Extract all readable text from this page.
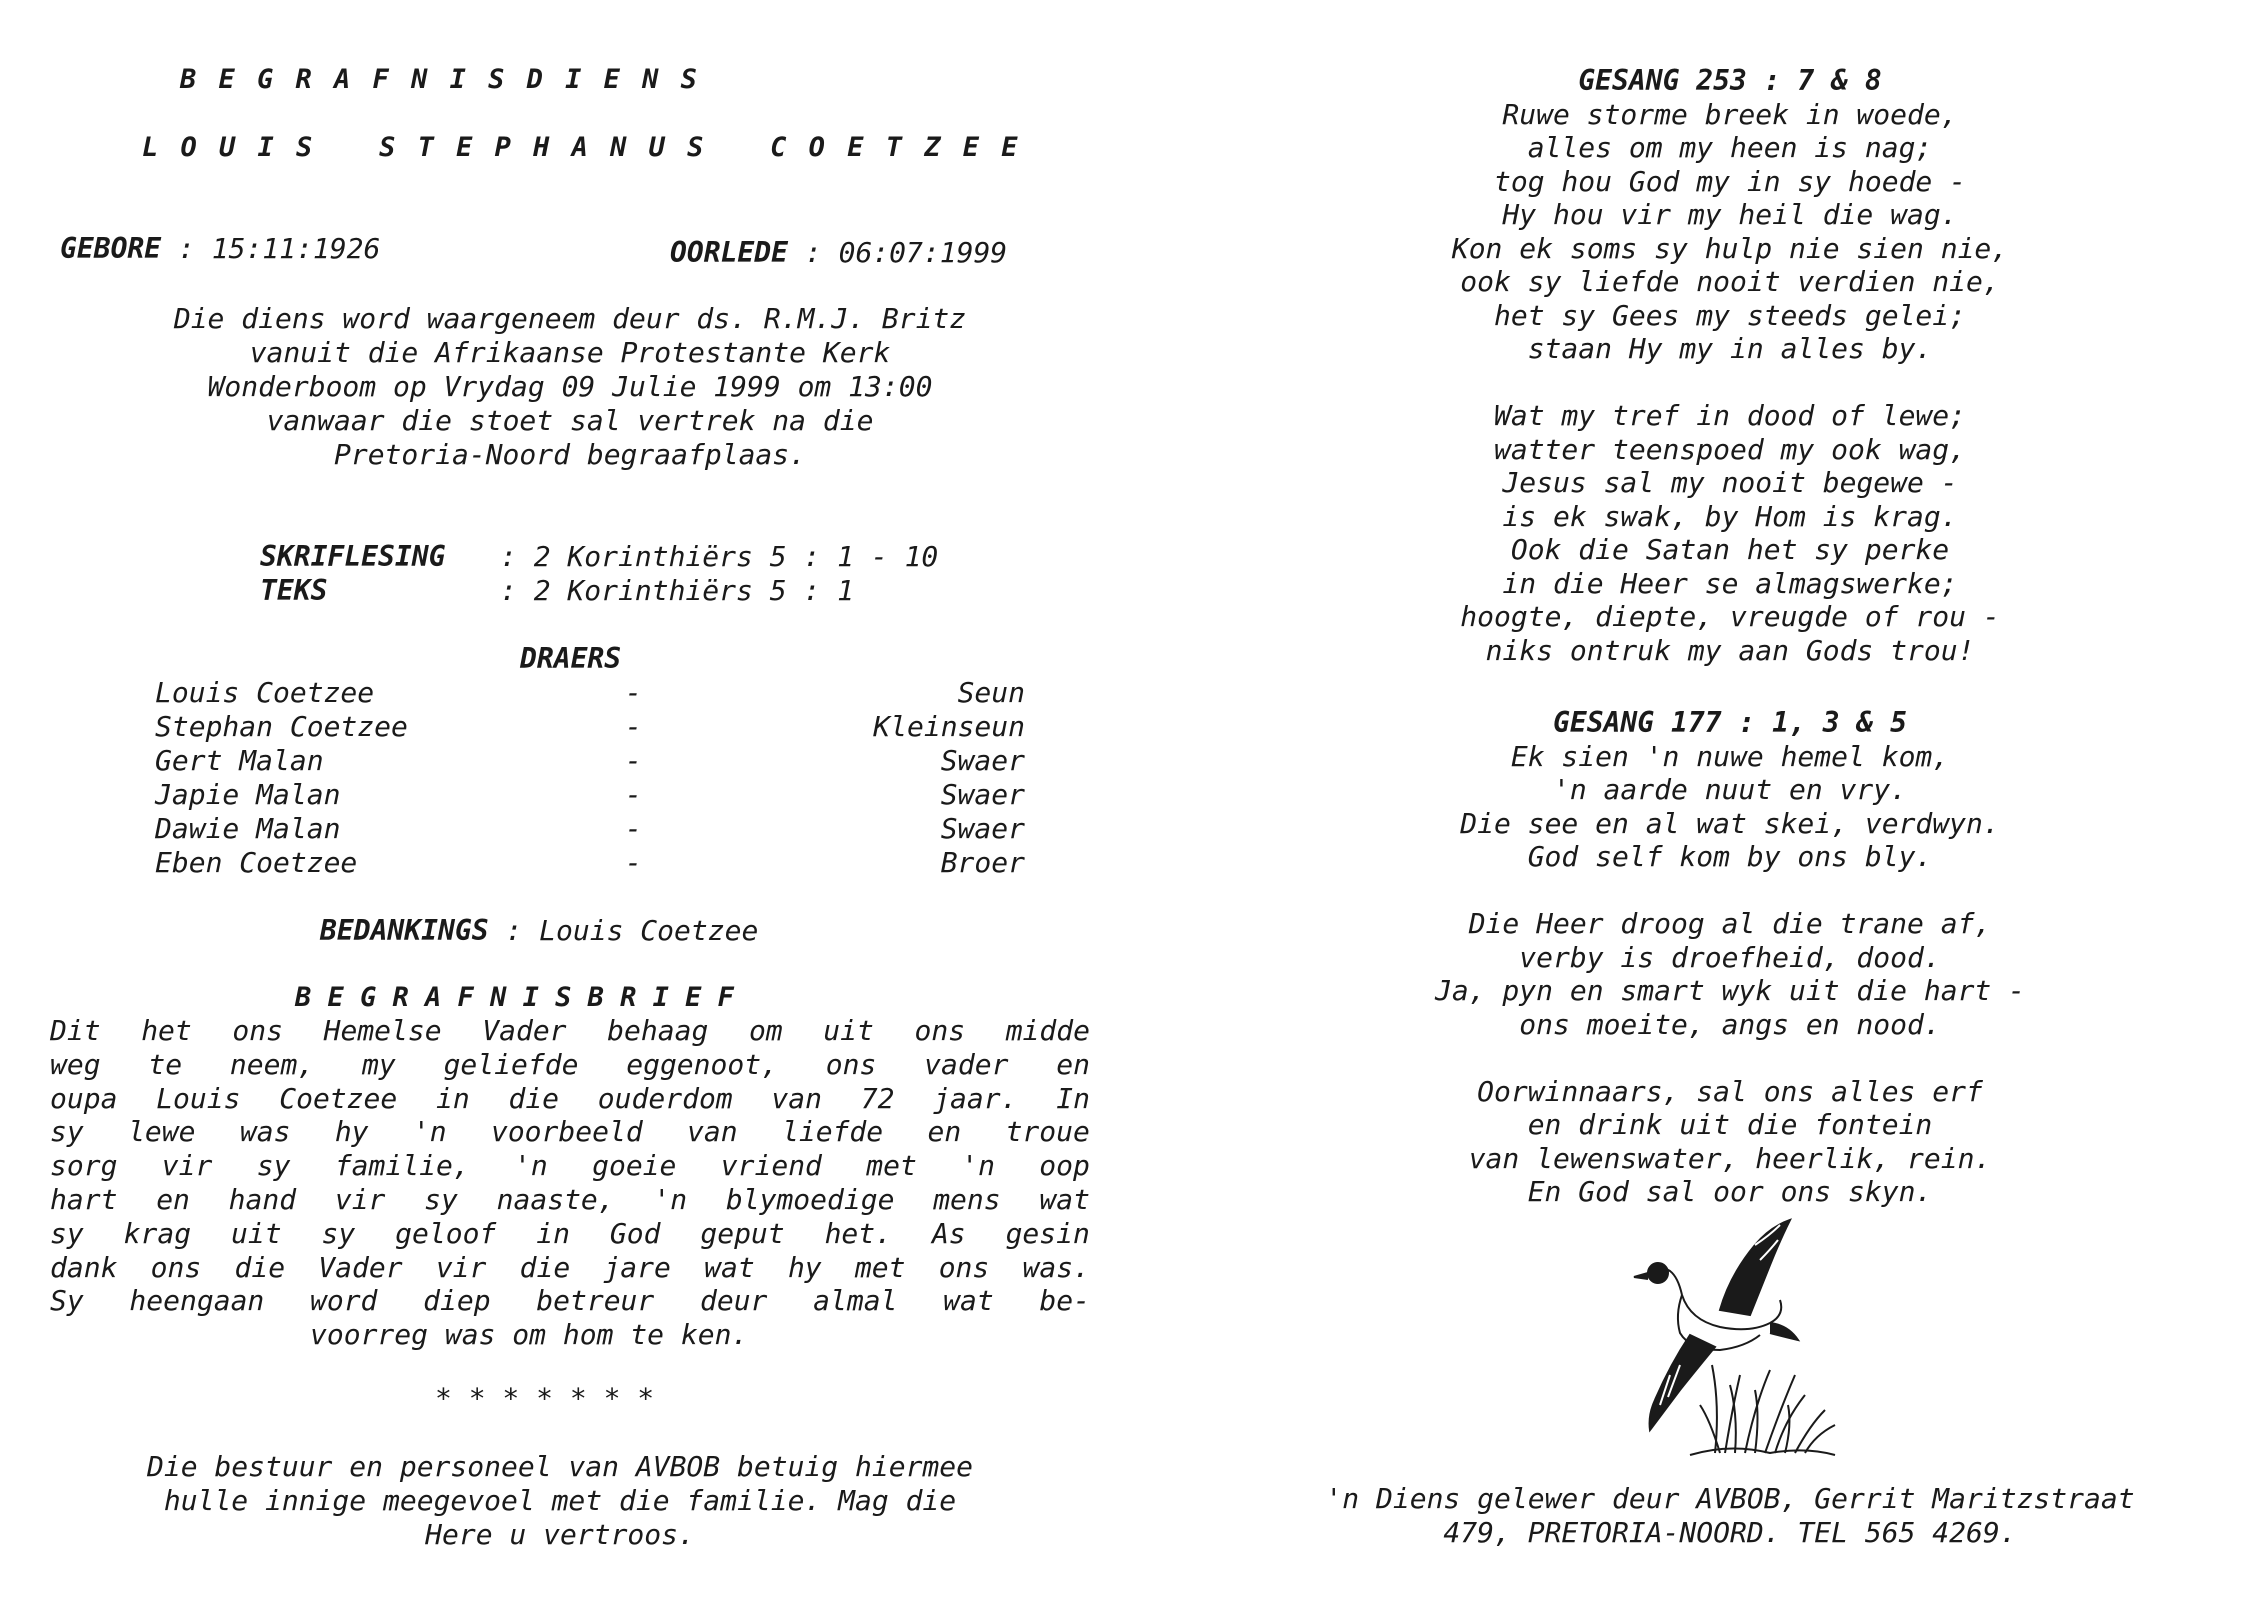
B E G R A F N I S D I E N S
L O U I S   S T E P H A N U S   C O E T Z E E
GEBORE : 15:11:1926	OORLEDE : 06:07:1999
Die diens word waargeneem deur ds. R.M.J. Britz
vanuit die Afrikaanse Protestante Kerk
Wonderboom op Vrydag 09 Julie 1999 om 13:00
vanwaar die stoet sal vertrek na die
Pretoria-Noord begraafplaas.
SKRIFLESING : 2 Korinthiërs 5 : 1 - 10
TEKS	: 2 Korinthiërs 5 : 1
DRAERS
Louis Coetzee	-	Seun
Stephan Coetzee	-	Kleinseun
Gert Malan	-	Swaer
Japie Malan	-	Swaer
Dawie Malan	-	Swaer
Eben Coetzee	-	Broer
BEDANKINGS : Louis Coetzee
B E G R A F N I S B R I E F
Dit het ons Hemelse Vader behaag om uit ons midde
weg te neem, my geliefde eggenoot, ons vader en
oupa Louis Coetzee in die ouderdom van 72 jaar. In
sy lewe was hy 'n voorbeeld van liefde en troue
sorg vir sy familie, 'n goeie vriend met 'n oop
hart en hand vir sy naaste, 'n blymoedige mens wat
sy krag uit sy geloof in God geput het. As gesin
dank ons die Vader vir die jare wat hy met ons was.
Sy heengaan word diep betreur deur almal wat be-
voorreg was om hom te ken.
* * * * * * *
Die bestuur en personeel van AVBOB betuig hiermee
hulle innige meegevoel met die familie. Mag die
Here u vertroos.
GESANG 253 : 7 & 8
Ruwe storme breek in woede,
alles om my heen is nag;
tog hou God my in sy hoede -
Hy hou vir my heil die wag.
Kon ek soms sy hulp nie sien nie,
ook sy liefde nooit verdien nie,
het sy Gees my steeds gelei;
staan Hy my in alles by.

Wat my tref in dood of lewe;
watter teenspoed my ook wag,
Jesus sal my nooit begewe -
is ek swak, by Hom is krag.
Ook die Satan het sy perke
in die Heer se almagswerke;
hoogte, diepte, vreugde of rou -
niks ontruk my aan Gods trou!
GESANG 177 : 1, 3 & 5
Ek sien 'n nuwe hemel kom,
'n aarde nuut en vry.
Die see en al wat skei, verdwyn.
God self kom by ons bly.

Die Heer droog al die trane af,
verby is droefheid, dood.
Ja, pyn en smart wyk uit die hart -
ons moeite, angs en nood.

Oorwinnaars, sal ons alles erf
en drink uit die fontein
van lewenswater, heerlik, rein.
En God sal oor ons skyn.
'n Diens gelewer deur AVBOB, Gerrit Maritzstraat
479, PRETORIA-NOORD. TEL 565 4269.
